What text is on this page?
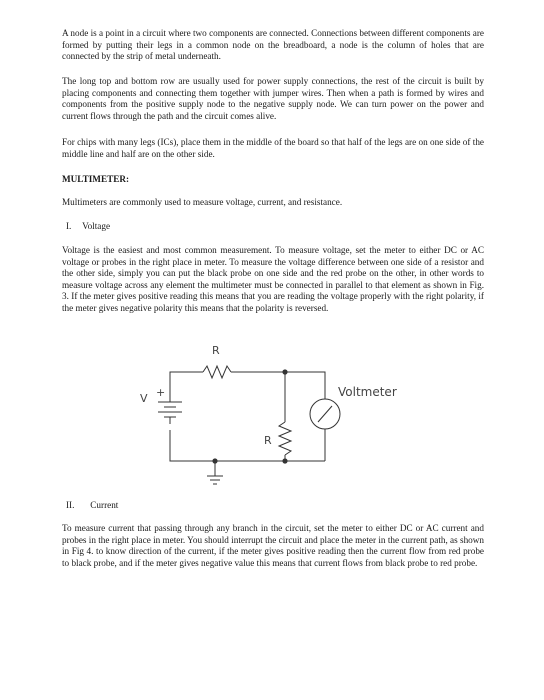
A node is a point in a circuit where two components are connected. Connections between different components are formed by putting their legs in a common node on the breadboard, a node is the column of holes that are connected by the strip of metal underneath.
The long top and bottom row are usually used for power supply connections, the rest of the circuit is built by placing components and connecting them together with jumper wires. Then when a path is formed by wires and components from the positive supply node to the negative supply node. We can turn power on the power and current flows through the path and the circuit comes alive.
For chips with many legs (ICs), place them in the middle of the board so that half of the legs are on one side of the middle line and half are on the other side.
MULTIMETER:
Multimeters are commonly used to measure voltage, current, and resistance.
I. Voltage
Voltage is the easiest and most common measurement. To measure voltage, set the meter to either DC or AC voltage or probes in the right place in meter. To measure the voltage difference between one side of a resistor and the other side, simply you can put the black probe on one side and the red probe on the other, in other words to measure voltage across any element the multimeter must be connected in parallel to that element as shown in Fig. 3. If the meter gives positive reading this means that you are reading the voltage properly with the right polarity, if the meter gives negative polarity this means that the polarity is reversed.
R
R
V +	Voltmeter
II. Current
To measure current that passing through any branch in the circuit, set the meter to either DC or AC current and probes in the right place in meter. You should interrupt the circuit and place the meter in the current path, as shown in Fig 4. to know direction of the current, if the meter gives positive reading then the current flow from red probe to black probe, and if the meter gives negative value this means that current flows from black probe to red probe.
